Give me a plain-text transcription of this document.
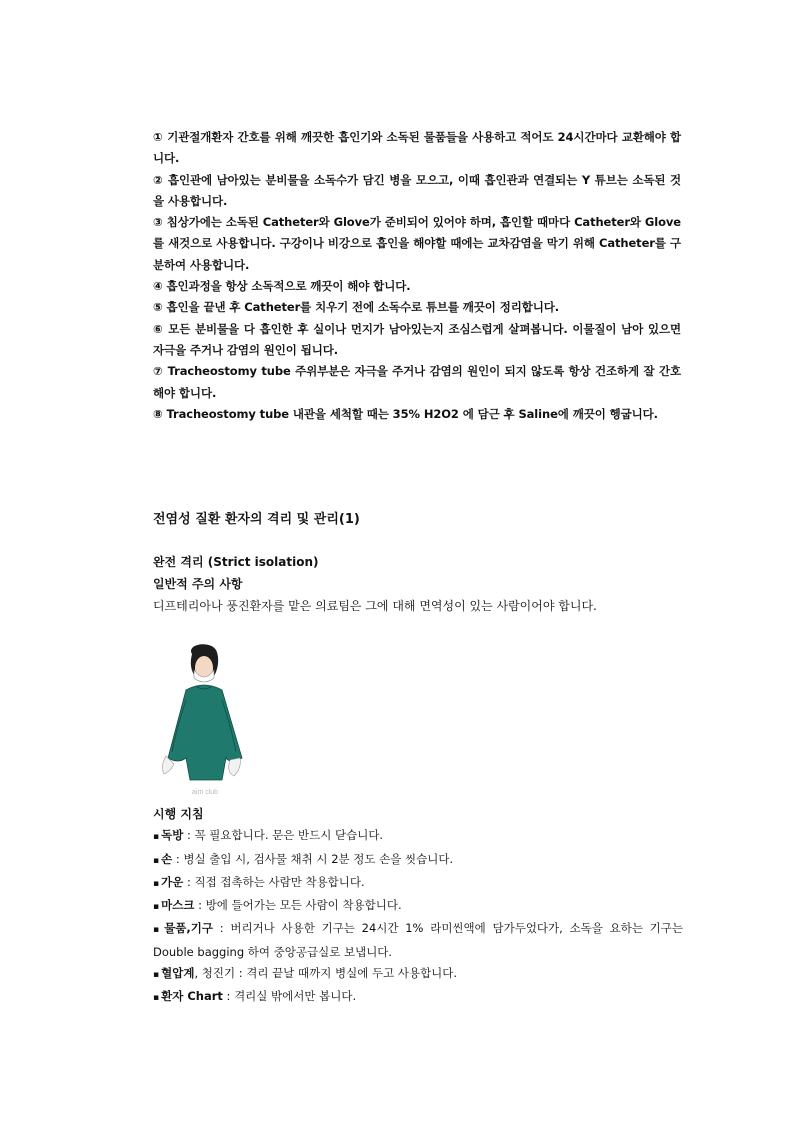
① 기관절개환자 간호를 위해 깨끗한 흡인기와 소독된 물품들을 사용하고 적어도 24시간마다 교환해야 합니다.

② 흡인관에 남아있는 분비물을 소독수가 담긴 병을 모으고, 이때 흡인관과 연결되는 Y 튜브는 소독된 것을 사용합니다.

③ 침상가에는 소독된 Catheter와 Glove가 준비되어 있어야 하며, 흡인할 때마다 Catheter와 Glove를 새것으로 사용합니다. 구강이나 비강으로 흡인을 해야할 때에는 교차감염을 막기 위해 Catheter를 구분하여 사용합니다.

④ 흡인과정을 항상 소독적으로 깨끗이 해야 합니다.

⑤ 흡인을 끝낸 후 Catheter를 치우기 전에 소독수로 튜브를 깨끗이 정리합니다.

⑥ 모든 분비물을 다 흡인한 후 실이나 먼지가 남아있는지 조심스럽게 살펴봅니다. 이물질이 남아 있으면 자극을 주거나 감염의 원인이 됩니다.

⑦ Tracheostomy tube 주위부분은 자극을 주거나 감염의 원인이 되지 않도록 항상 건조하게 잘 간호해야 합니다.

⑧ Tracheostomy tube 내관을 세척할 때는 35% H2O2 에 담근 후 Saline에 깨끗이 헹굽니다.

전염성 질환 환자의 격리 및 관리(1)

완전 격리 (Strict isolation)

일반적 주의 사항

디프테리아나 풍진환자를 맡은 의료팀은 그에 대해 면역성이 있는 사람이어야 합니다.

aim club

시행 지침

▪ 독방 : 꼭 필요합니다. 문은 반드시 닫습니다.

▪ 손 : 병실 출입 시, 검사물 채취 시 2분 정도 손을 씻습니다.

▪ 가운 : 직접 접촉하는 사람만 착용합니다.

▪ 마스크 : 방에 들어가는 모든 사람이 착용합니다.

▪ 물품,기구 : 버리거나 사용한 기구는 24시간 1% 라미씬액에 담가두었다가, 소독을 요하는 기구는 Double bagging 하여 중앙공급실로 보냅니다.

▪ 혈압계, 청진기 : 격리 끝날 때까지 병실에 두고 사용합니다.

▪ 환자 Chart : 격리실 밖에서만 봅니다.
